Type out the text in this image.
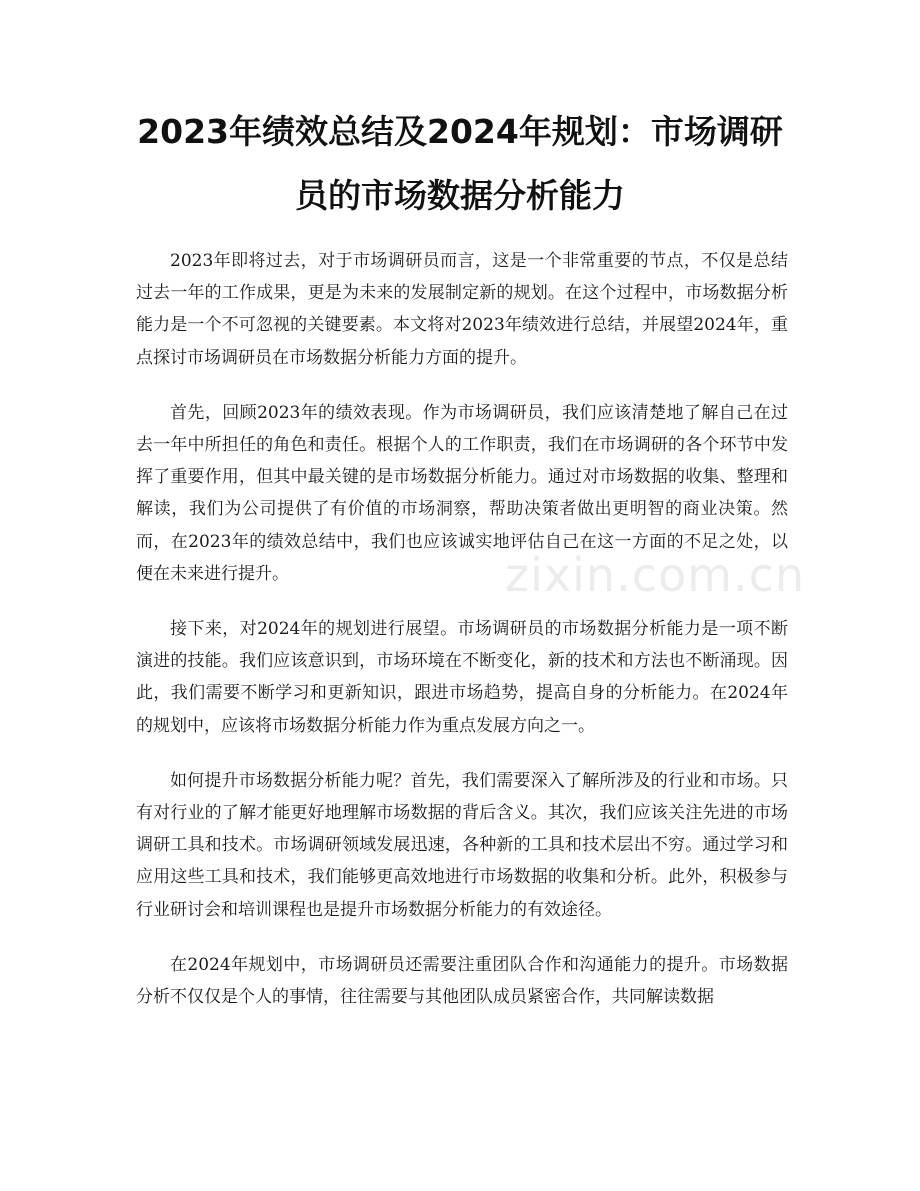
2023年绩效总结及2024年规划：市场调研员的市场数据分析能力

2023年即将过去，对于市场调研员而言，这是一个非常重要的节点，不仅是总结过去一年的工作成果，更是为未来的发展制定新的规划。在这个过程中，市场数据分析能力是一个不可忽视的关键要素。本文将对2023年绩效进行总结，并展望2024年，重点探讨市场调研员在市场数据分析能力方面的提升。

首先，回顾2023年的绩效表现。作为市场调研员，我们应该清楚地了解自己在过去一年中所担任的角色和责任。根据个人的工作职责，我们在市场调研的各个环节中发挥了重要作用，但其中最关键的是市场数据分析能力。通过对市场数据的收集、整理和解读，我们为公司提供了有价值的市场洞察，帮助决策者做出更明智的商业决策。然而，在2023年的绩效总结中，我们也应该诚实地评估自己在这一方面的不足之处，以便在未来进行提升。

接下来，对2024年的规划进行展望。市场调研员的市场数据分析能力是一项不断演进的技能。我们应该意识到，市场环境在不断变化，新的技术和方法也不断涌现。因此，我们需要不断学习和更新知识，跟进市场趋势，提高自身的分析能力。在2024年的规划中，应该将市场数据分析能力作为重点发展方向之一。

如何提升市场数据分析能力呢？首先，我们需要深入了解所涉及的行业和市场。只有对行业的了解才能更好地理解市场数据的背后含义。其次，我们应该关注先进的市场调研工具和技术。市场调研领域发展迅速，各种新的工具和技术层出不穷。通过学习和应用这些工具和技术，我们能够更高效地进行市场数据的收集和分析。此外，积极参与行业研讨会和培训课程也是提升市场数据分析能力的有效途径。

在2024年规划中，市场调研员还需要注重团队合作和沟通能力的提升。市场数据分析不仅仅是个人的事情，往往需要与其他团队成员紧密合作，共同解读数据

zixin.com.cn
